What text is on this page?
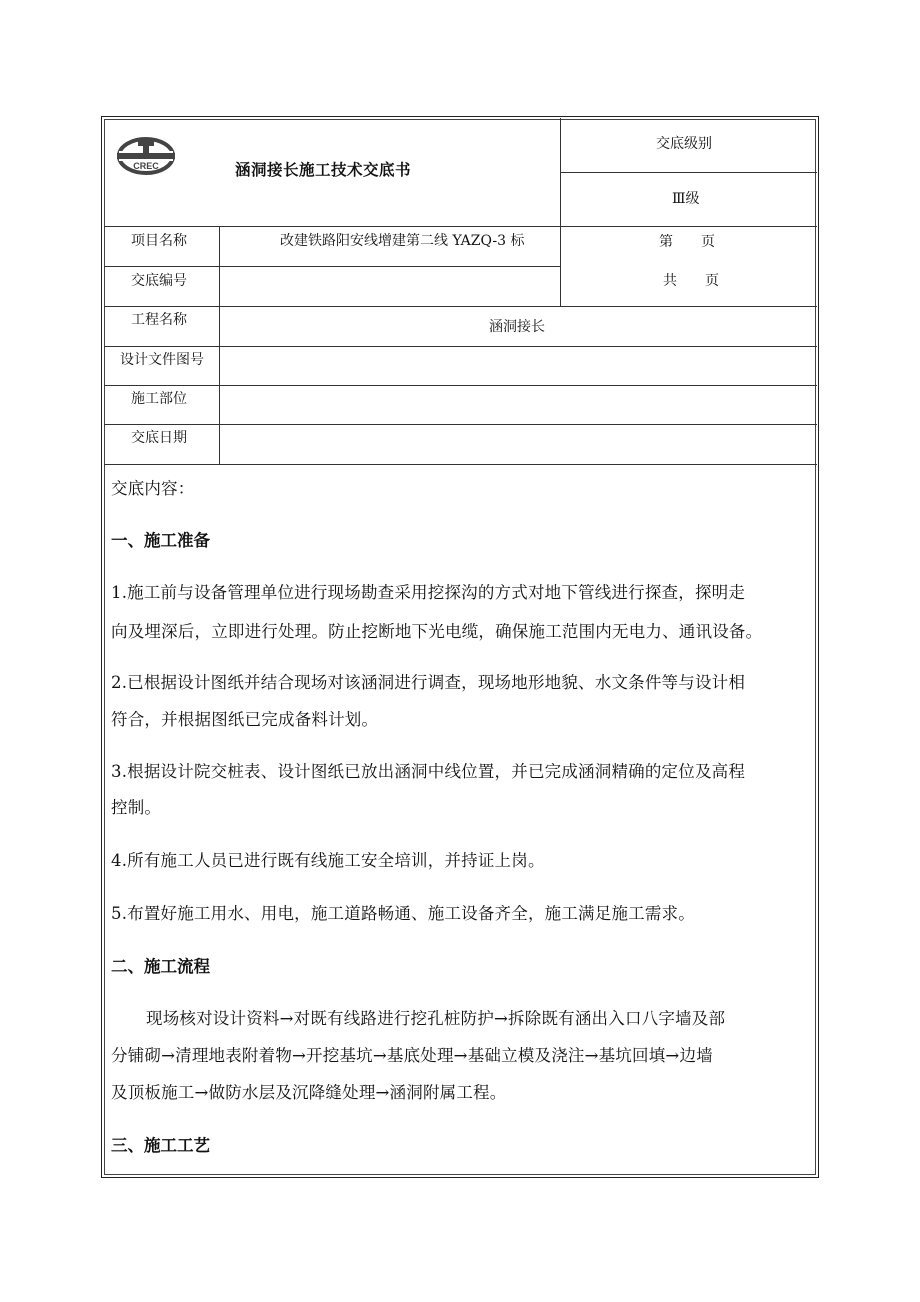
CREC	涵洞接长施工技术交底书
交底级别
Ⅲ级
项目名称	改建铁路阳安线增建第二线 YAZQ-3 标	第　　页
共　　页
交底编号
工程名称	涵洞接长
设计文件图号
施工部位
交底日期
交底内容：
一、施工准备
1.施工前与设备管理单位进行现场勘查采用挖探沟的方式对地下管线进行探查，探明走
向及埋深后，立即进行处理。防止挖断地下光电缆，确保施工范围内无电力、通讯设备。
2.已根据设计图纸并结合现场对该涵洞进行调查，现场地形地貌、水文条件等与设计相
符合，并根据图纸已完成备料计划。
3.根据设计院交桩表、设计图纸已放出涵洞中线位置，并已完成涵洞精确的定位及高程
控制。
4.所有施工人员已进行既有线施工安全培训，并持证上岗。
5.布置好施工用水、用电，施工道路畅通、施工设备齐全，施工满足施工需求。
二、施工流程
现场核对设计资料→对既有线路进行挖孔桩防护→拆除既有涵出入口八字墙及部
分铺砌→清理地表附着物→开挖基坑→基底处理→基础立模及浇注→基坑回填→边墙
及顶板施工→做防水层及沉降缝处理→涵洞附属工程。
三、施工工艺
